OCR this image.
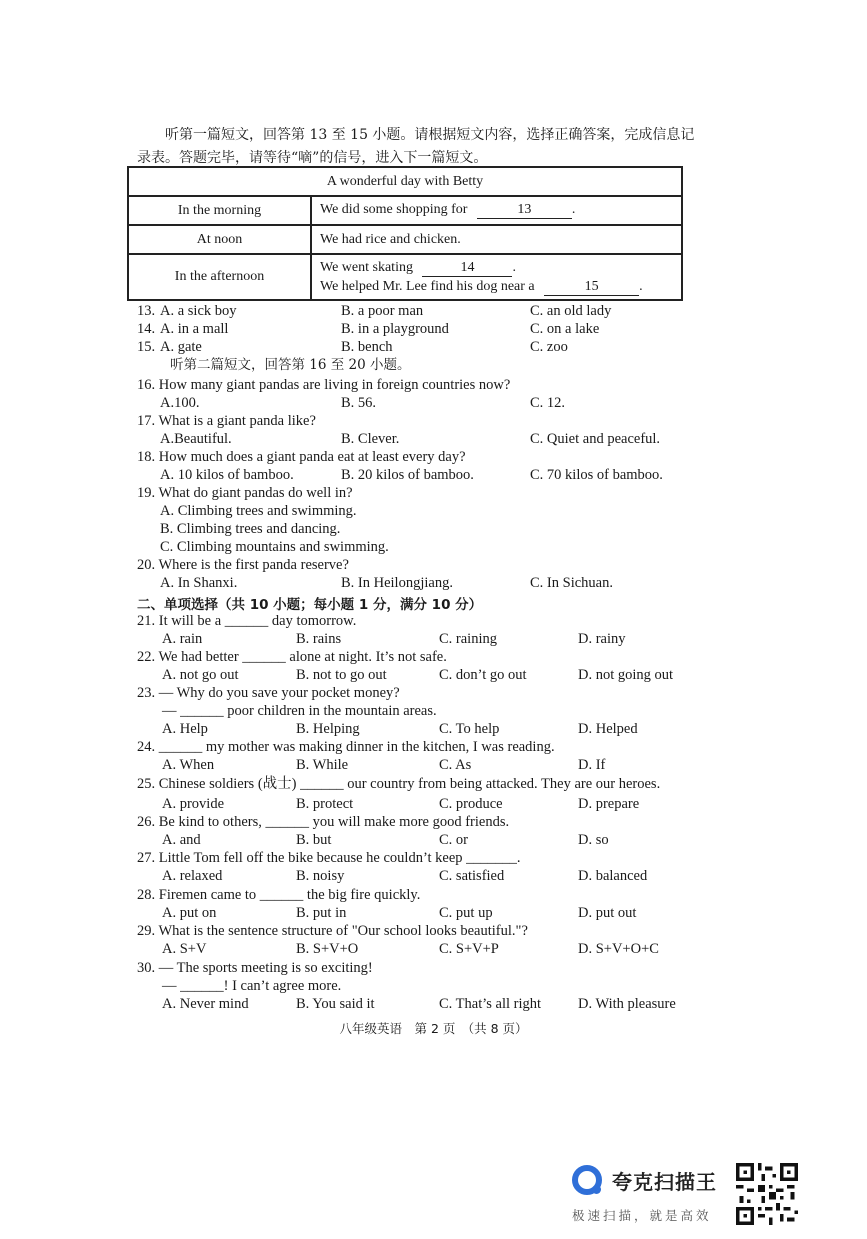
听第一篇短文，回答第 13 至 15 小题。请根据短文内容，选择正确答案，完成信息记
录表。答题完毕，请等待“嘀”的信号，进入下一篇短文。
A wonderful day with Betty	
In the morning	We did some shopping for 13 .
At noon	We had rice and chicken.
In the afternoon	We went skating 14 .
We helped Mr. Lee find his dog near a 15 .
13. A. a sick boy	B. a poor man	C. an old lady
14. A. in a mall	B. in a playground	C. on a lake
15. A. gate	B. bench	C. zoo
听第二篇短文，回答第 16 至 20 小题。
16. How many giant pandas are living in foreign countries now?
A.100.	B. 56.	C. 12.
17. What is a giant panda like?
A.Beautiful.	B. Clever.	C. Quiet and peaceful.
18. How much does a giant panda eat at least every day?
A. 10 kilos of bamboo.	B. 20 kilos of bamboo.	C. 70 kilos of bamboo.
19. What do giant pandas do well in?
A. Climbing trees and swimming.
B. Climbing trees and dancing.
C. Climbing mountains and swimming.
20. Where is the first panda reserve?
A. In Shanxi.	B. In Heilongjiang.	C. In Sichuan.
二、单项选择（共 10 小题；每小题 1 分，满分 10 分）
21. It will be a ______ day tomorrow.
A. rain	B. rains	C. raining	D. rainy
22. We had better ______ alone at night. It’s not safe.
A. not go out	B. not to go out	C. don’t go out	D. not going out
23. — Why do you save your pocket money?
— ______ poor children in the mountain areas.
A. Help	B. Helping	C. To help	D. Helped
24. ______ my mother was making dinner in the kitchen, I was reading.
A. When	B. While	C. As	D. If
25. Chinese soldiers (战士) ______ our country from being attacked. They are our heroes.
A. provide	B. protect	C. produce	D. prepare
26. Be kind to others, ______ you will make more good friends.
A. and	B. but	C. or	D. so
27. Little Tom fell off the bike because he couldn’t keep _______.
A. relaxed	B. noisy	C. satisfied	D. balanced
28. Firemen came to ______ the big fire quickly.
A. put on	B. put in	C. put up	D. put out
29. What is the sentence structure of "Our school looks beautiful."?
A. S+V	B. S+V+O	C. S+V+P	D. S+V+O+C
30. — The sports meeting is so exciting!
— ______! I can’t agree more.
A. Never mind	B. You said it	C. That’s all right	D. With pleasure
八年级英语　第 2 页　（共 8 页）
夸克扫描王
极速扫描，就是高效
